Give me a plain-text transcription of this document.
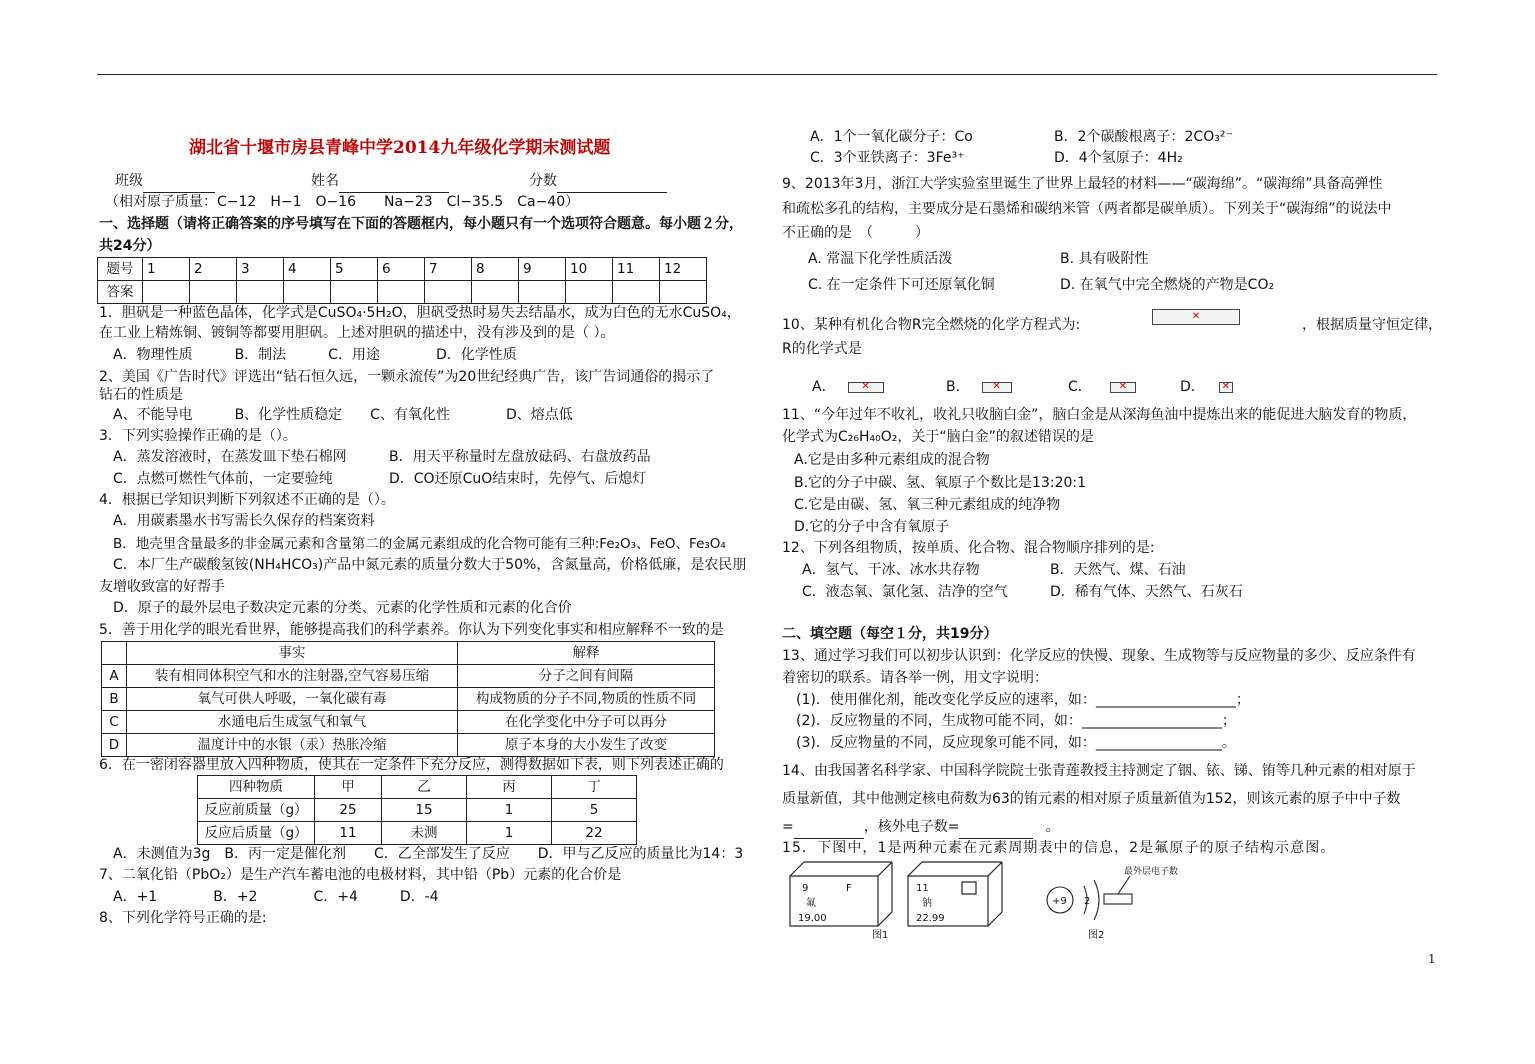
湖北省十堰市房县青峰中学2014九年级化学期末测试题
班级	姓名	分数
（相对原子质量：C−12　H−1　O−16　　Na−23　Cl−35.5　Ca−40）
一、选择题（请将正确答案的序号填写在下面的答题框内，每小题只有一个选项符合题意。每小题２分，
共24分）
题号	1	2	3	4	5	6	7	8	9	10	11	12
答案												
1．胆矾是一种蓝色晶体，化学式是CuSO₄·5H₂O，胆矾受热时易失去结晶水，成为白色的无水CuSO₄，
在工业上精炼铜、镀铜等都要用胆矾。上述对胆矾的描述中，没有涉及到的是（ ）。
A．物理性质　　　B．制法　　　C．用途　　　　D．化学性质
2、美国《广告时代》评选出“钻石恒久远，一颗永流传”为20世纪经典广告，该广告词通俗的揭示了
钻石的性质是
A、不能导电　　　B、化学性质稳定　　C、有氧化性　　　　D、熔点低
3．下列实验操作正确的是（）。
A．蒸发溶液时，在蒸发皿下垫石棉网	B．用天平称量时左盘放砝码、右盘放药品
C．点燃可燃性气体前，一定要验纯	D．CO还原CuO结束时，先停气、后熄灯
4．根据已学知识判断下列叙述不正确的是（）。
A．用碳素墨水书写需长久保存的档案资料
B．地壳里含量最多的非金属元素和含量第二的金属元素组成的化合物可能有三种:Fe₂O₃、FeO、Fe₃O₄
C．本厂生产碳酸氢铵(NH₄HCO₃)产品中氮元素的质量分数大于50%，含氮量高，价格低廉，是农民朋
友增收致富的好帮手
D．原子的最外层电子数决定元素的分类、元素的化学性质和元素的化合价
5．善于用化学的眼光看世界，能够提高我们的科学素养。你认为下列变化事实和相应解释不一致的是
	事实	解释
A	装有相同体积空气和水的注射器,空气容易压缩	分子之间有间隔
B	氧气可供人呼吸，一氧化碳有毒	构成物质的分子不同,物质的性质不同
C	水通电后生成氢气和氧气	在化学变化中分子可以再分
D	温度计中的水银（汞）热胀冷缩	原子本身的大小发生了改变
6．在一密闭容器里放入四种物质，使其在一定条件下充分反应，测得数据如下表，则下列表述正确的
四种物质	甲	乙	丙	丁
反应前质量（g）	25	15	1	5
反应后质量（g）	11	未测	1	22
A．未测值为3g　B．丙一定是催化剂　　C．乙全部发生了反应　　D．甲与乙反应的质量比为14：3
7、二氧化铅（PbO₂）是生产汽车蓄电池的电极材料，其中铅（Pb）元素的化合价是
A．+1　　　　B．+2　　　　C．+4　　　D．-4
8、下列化学符号正确的是:
A．1个一氧化碳分子：Co	B．2个碳酸根离子：2CO₃²⁻
C．3个亚铁离子：3Fe³⁺	D．4个氢原子：4H₂
9、2013年3月，浙江大学实验室里诞生了世界上最轻的材料——“碳海绵”。“碳海绵”具备高弹性
和疏松多孔的结构，主要成分是石墨烯和碳纳米管（两者都是碳单质）。下列关于“碳海绵”的说法中
不正确的是　（　　　）
A. 常温下化学性质活泼	B. 具有吸附性
C. 在一定条件下可还原氧化铜	D. 在氧气中完全燃烧的产物是CO₂
10、某种有机化合物R完全燃烧的化学方程式为: ✕	，根据质量守恒定律，
R的化学式是
A． ✕	B． ✕	C． ✕	D．✕
11、“今年过年不收礼，收礼只收脑白金”，脑白金是从深海鱼油中提炼出来的能促进大脑发育的物质，
化学式为C₂₆H₄₀O₂，关于“脑白金”的叙述错误的是
A.它是由多种元素组成的混合物
B.它的分子中碳、氢、氧原子个数比是13:20:1
C.它是由碳、氢、氧三种元素组成的纯净物
D.它的分子中含有氧原子
12、下列各组物质，按单质、化合物、混合物顺序排列的是:
A．氢气、干冰、冰水共存物	B．天然气、煤、石油
C．液态氧、氯化氢、洁净的空气	D．稀有气体、天然气、石灰石
二、填空题（每空１分，共19分）
13、通过学习我们可以初步认识到：化学反应的快慢、现象、生成物等与反应物量的多少、反应条件有
着密切的联系。请各举一例，用文字说明：
(1)．使用催化剂，能改变化学反应的速率，如：____________________；
(2)．反应物量的不同，生成物可能不同，如：____________________；
(3)．反应物量的不同，反应现象可能不同，如：__________________。
14、由我国著名科学家、中国科学院院士张青莲教授主持测定了铟、铱、锑、铕等几种元素的相对原于
质量新值，其中他测定核电荷数为63的铕元素的相对原子质量新值为152，则该元素的原子中中子数
=	，核外电子数=	。
15．下图中，1是两种元素在元素周期表中的信息，2是氟原子的原子结构示意图。
9	F
氟
19.00
11
钠
22.99
图1
+9 2
最外层电子数
图2
1
